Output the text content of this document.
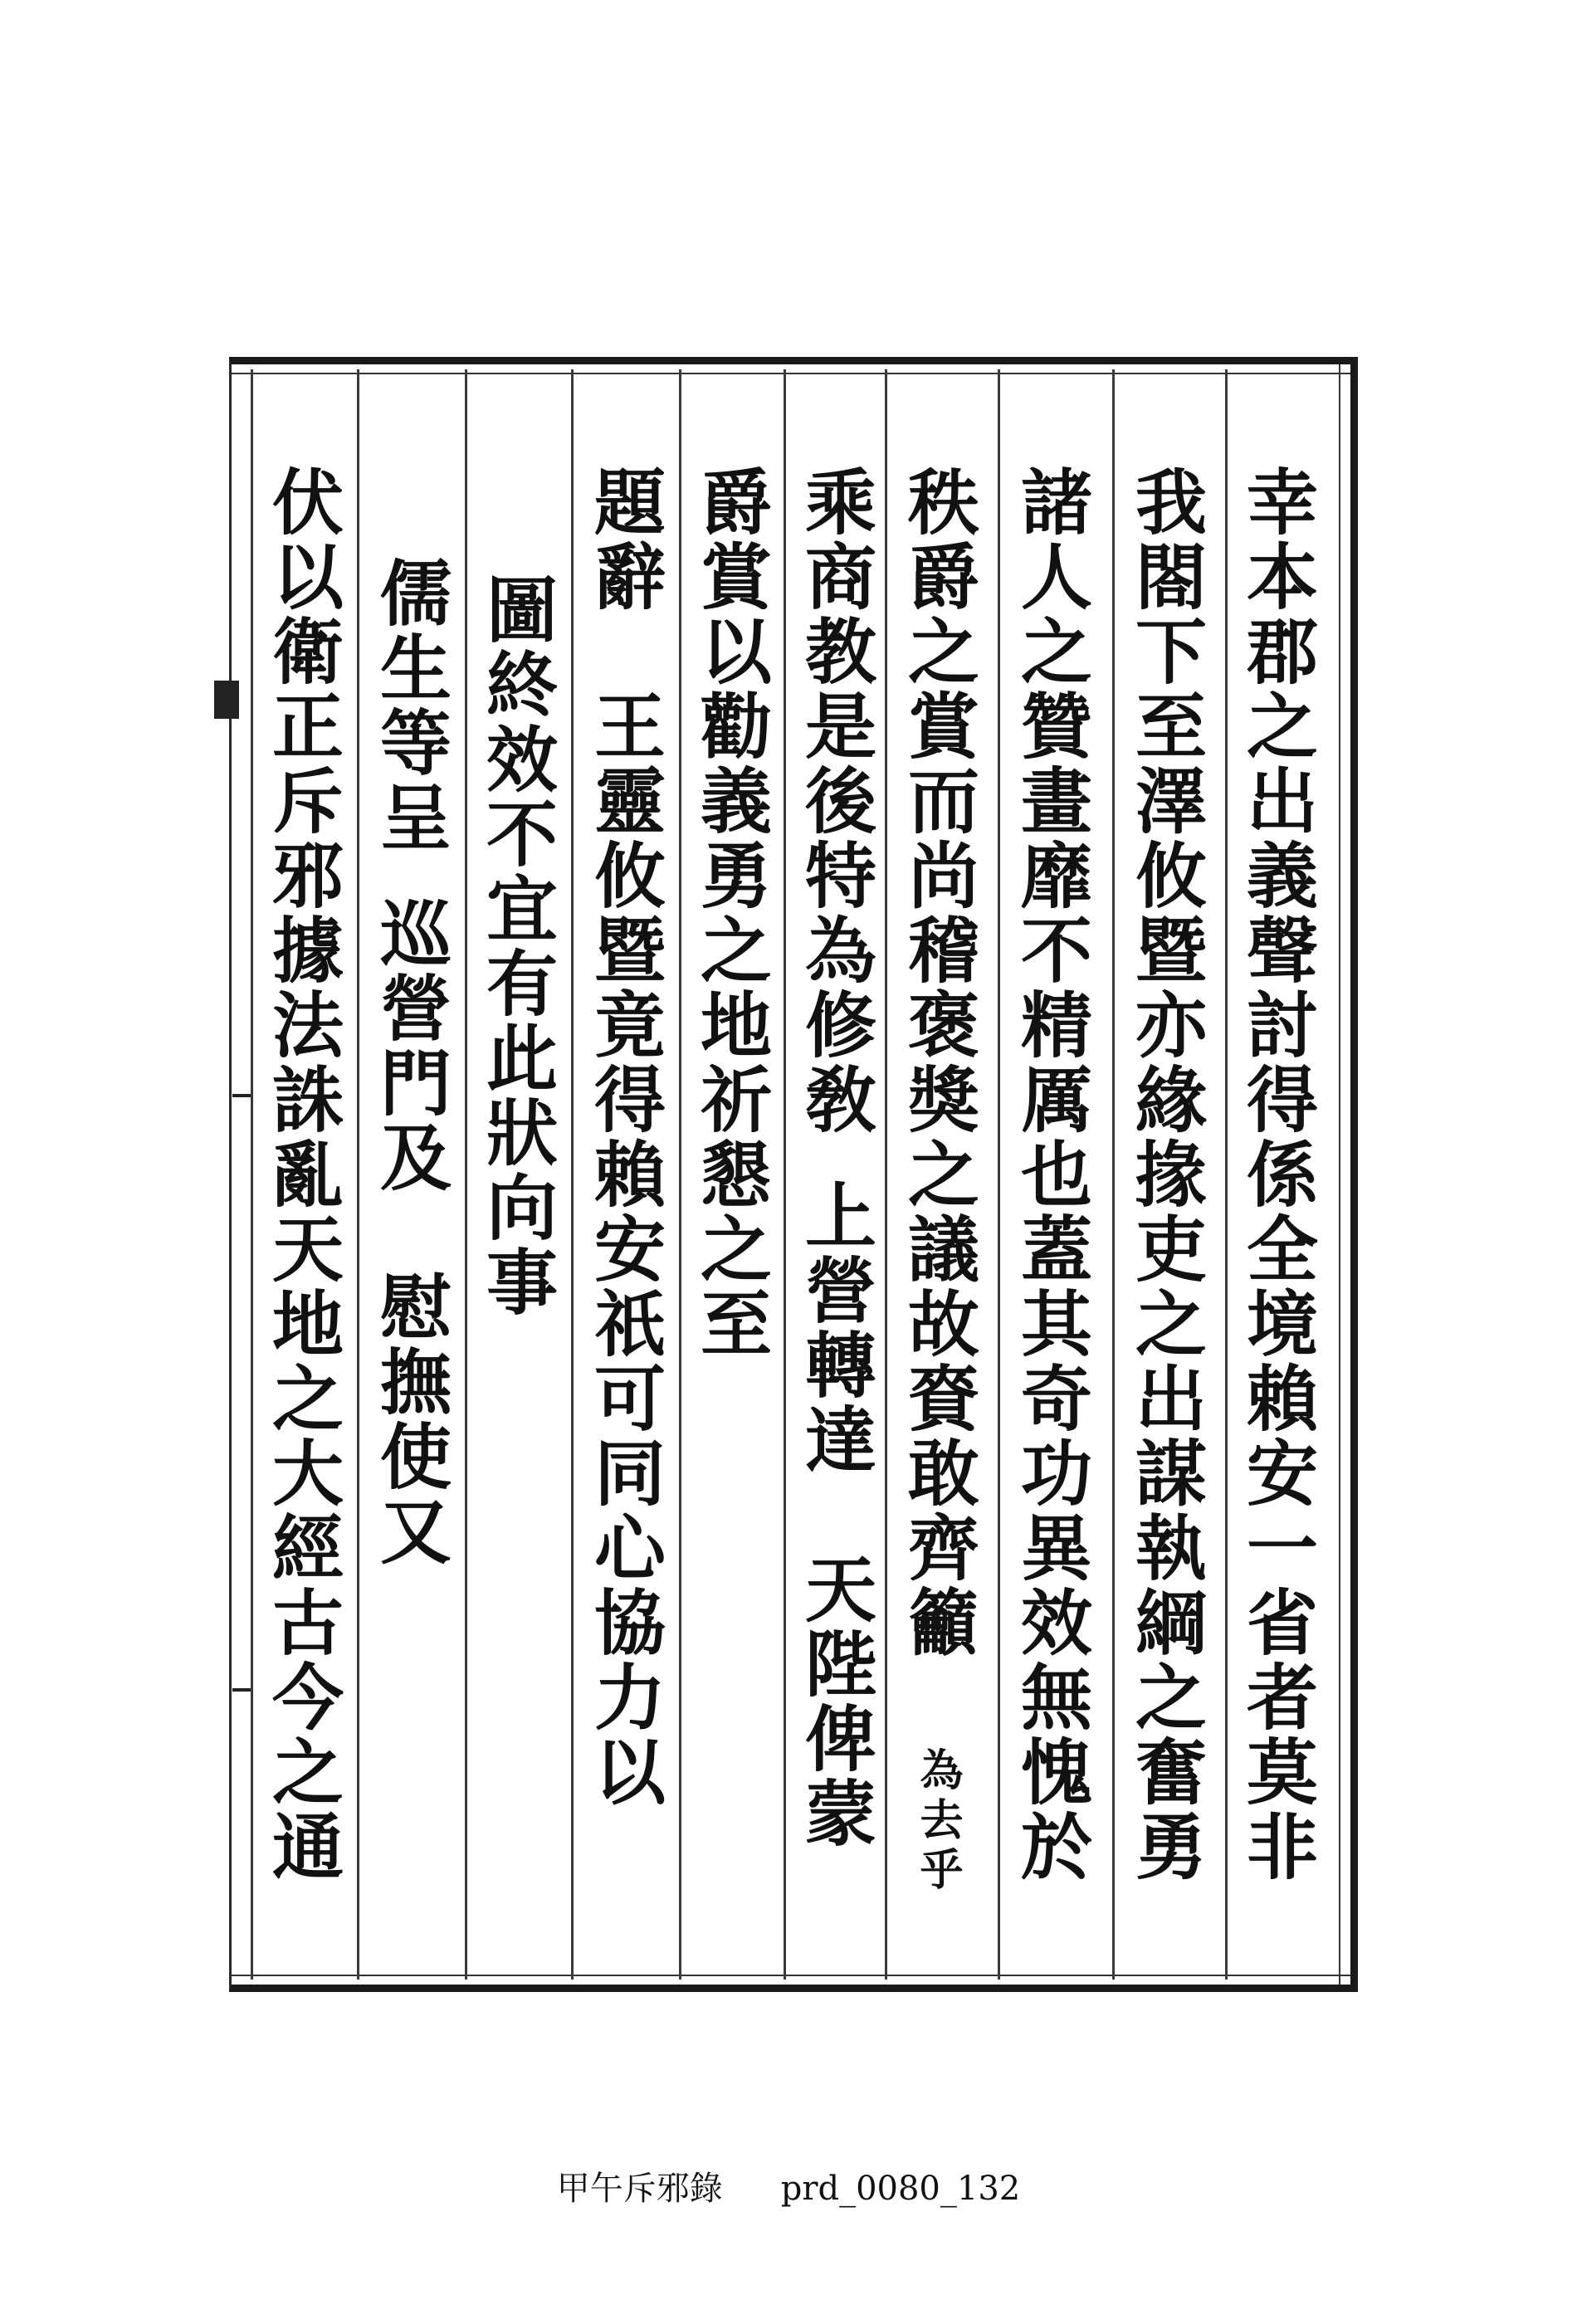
幸本郡之出義聲討得係全境賴安一省者莫非
我閤下至澤攸暨亦緣掾吏之出謀執綱之奮勇
諸人之贊畫靡不精厲也蓋其奇功異效無愧於
秩爵之賞而尚稽褒獎之議故𧶘敢齊籲 為去乎
乘商教是後特為修敎上營轉達天陛俾蒙
爵賞以勸義勇之地祈懇之至
題辭王靈攸暨竟得賴安祇可同心協力以
圖終效不宜有此狀向事
儒生等呈巡營門及慰撫使又
伏以衛正斥邪據法誅亂天地之大經古今之通
甲午斥邪錄 prd_0080_132
